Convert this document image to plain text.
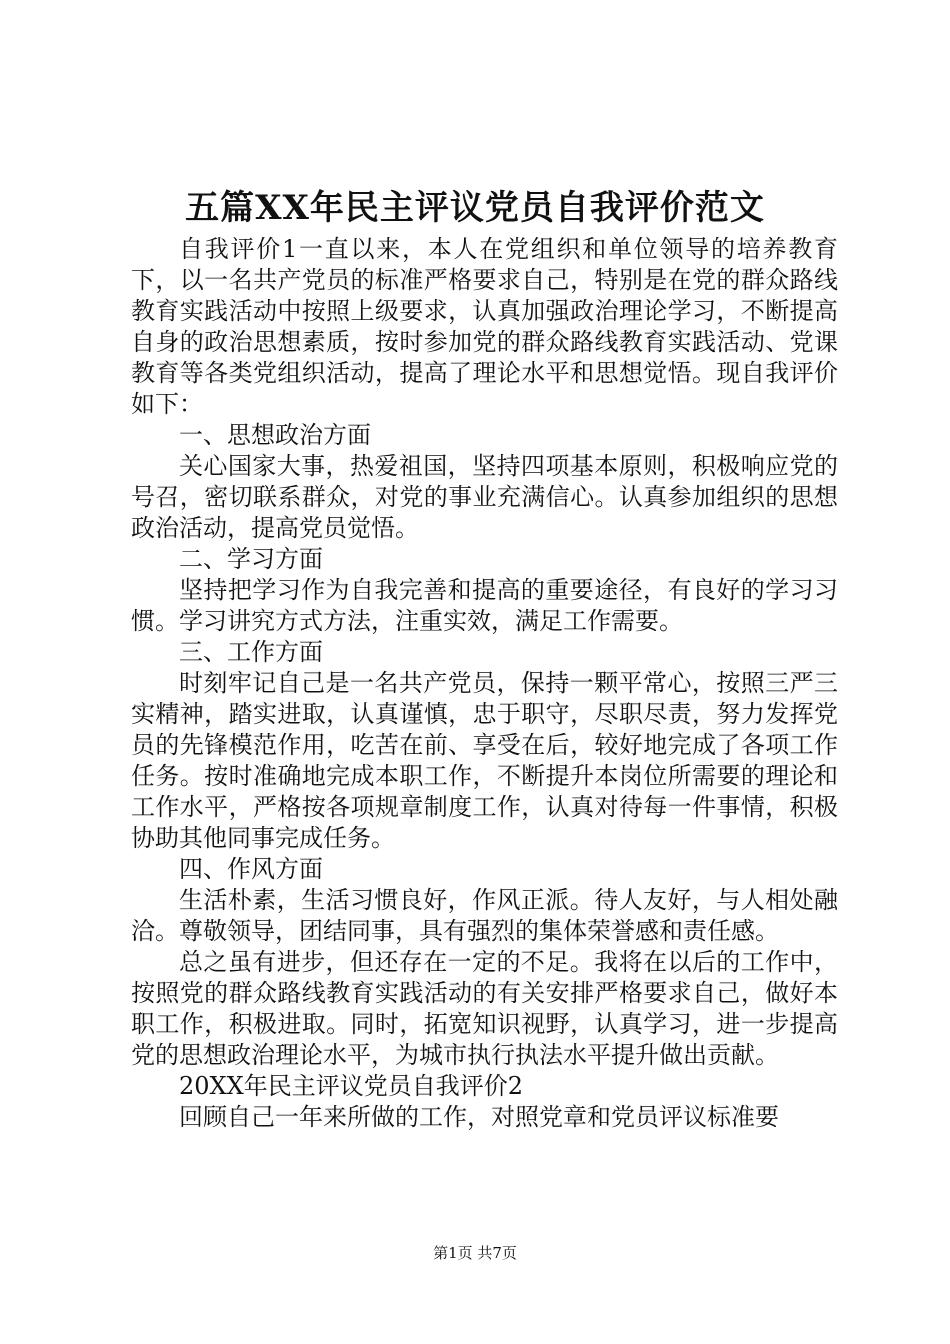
五篇XX年民主评议党员自我评价范文

自我评价1一直以来，本人在党组织和单位领导的培养教育下，以一名共产党员的标准严格要求自己，特别是在党的群众路线教育实践活动中按照上级要求，认真加强政治理论学习，不断提高自身的政治思想素质，按时参加党的群众路线教育实践活动、党课教育等各类党组织活动，提高了理论水平和思想觉悟。现自我评价如下：

一、思想政治方面

关心国家大事，热爱祖国，坚持四项基本原则，积极响应党的号召，密切联系群众，对党的事业充满信心。认真参加组织的思想政治活动，提高党员觉悟。

二、学习方面

坚持把学习作为自我完善和提高的重要途径，有良好的学习习惯。学习讲究方式方法，注重实效，满足工作需要。

三、工作方面

时刻牢记自己是一名共产党员，保持一颗平常心，按照三严三实精神，踏实进取，认真谨慎，忠于职守，尽职尽责，努力发挥党员的先锋模范作用，吃苦在前、享受在后，较好地完成了各项工作任务。按时准确地完成本职工作，不断提升本岗位所需要的理论和工作水平，严格按各项规章制度工作，认真对待每一件事情，积极协助其他同事完成任务。

四、作风方面

生活朴素，生活习惯良好，作风正派。待人友好，与人相处融洽。尊敬领导，团结同事，具有强烈的集体荣誉感和责任感。

总之虽有进步，但还存在一定的不足。我将在以后的工作中，按照党的群众路线教育实践活动的有关安排严格要求自己，做好本职工作，积极进取。同时，拓宽知识视野，认真学习，进一步提高党的思想政治理论水平，为城市执行执法水平提升做出贡献。

20XX年民主评议党员自我评价2

回顾自己一年来所做的工作，对照党章和党员评议标准要

第1页 共7页
